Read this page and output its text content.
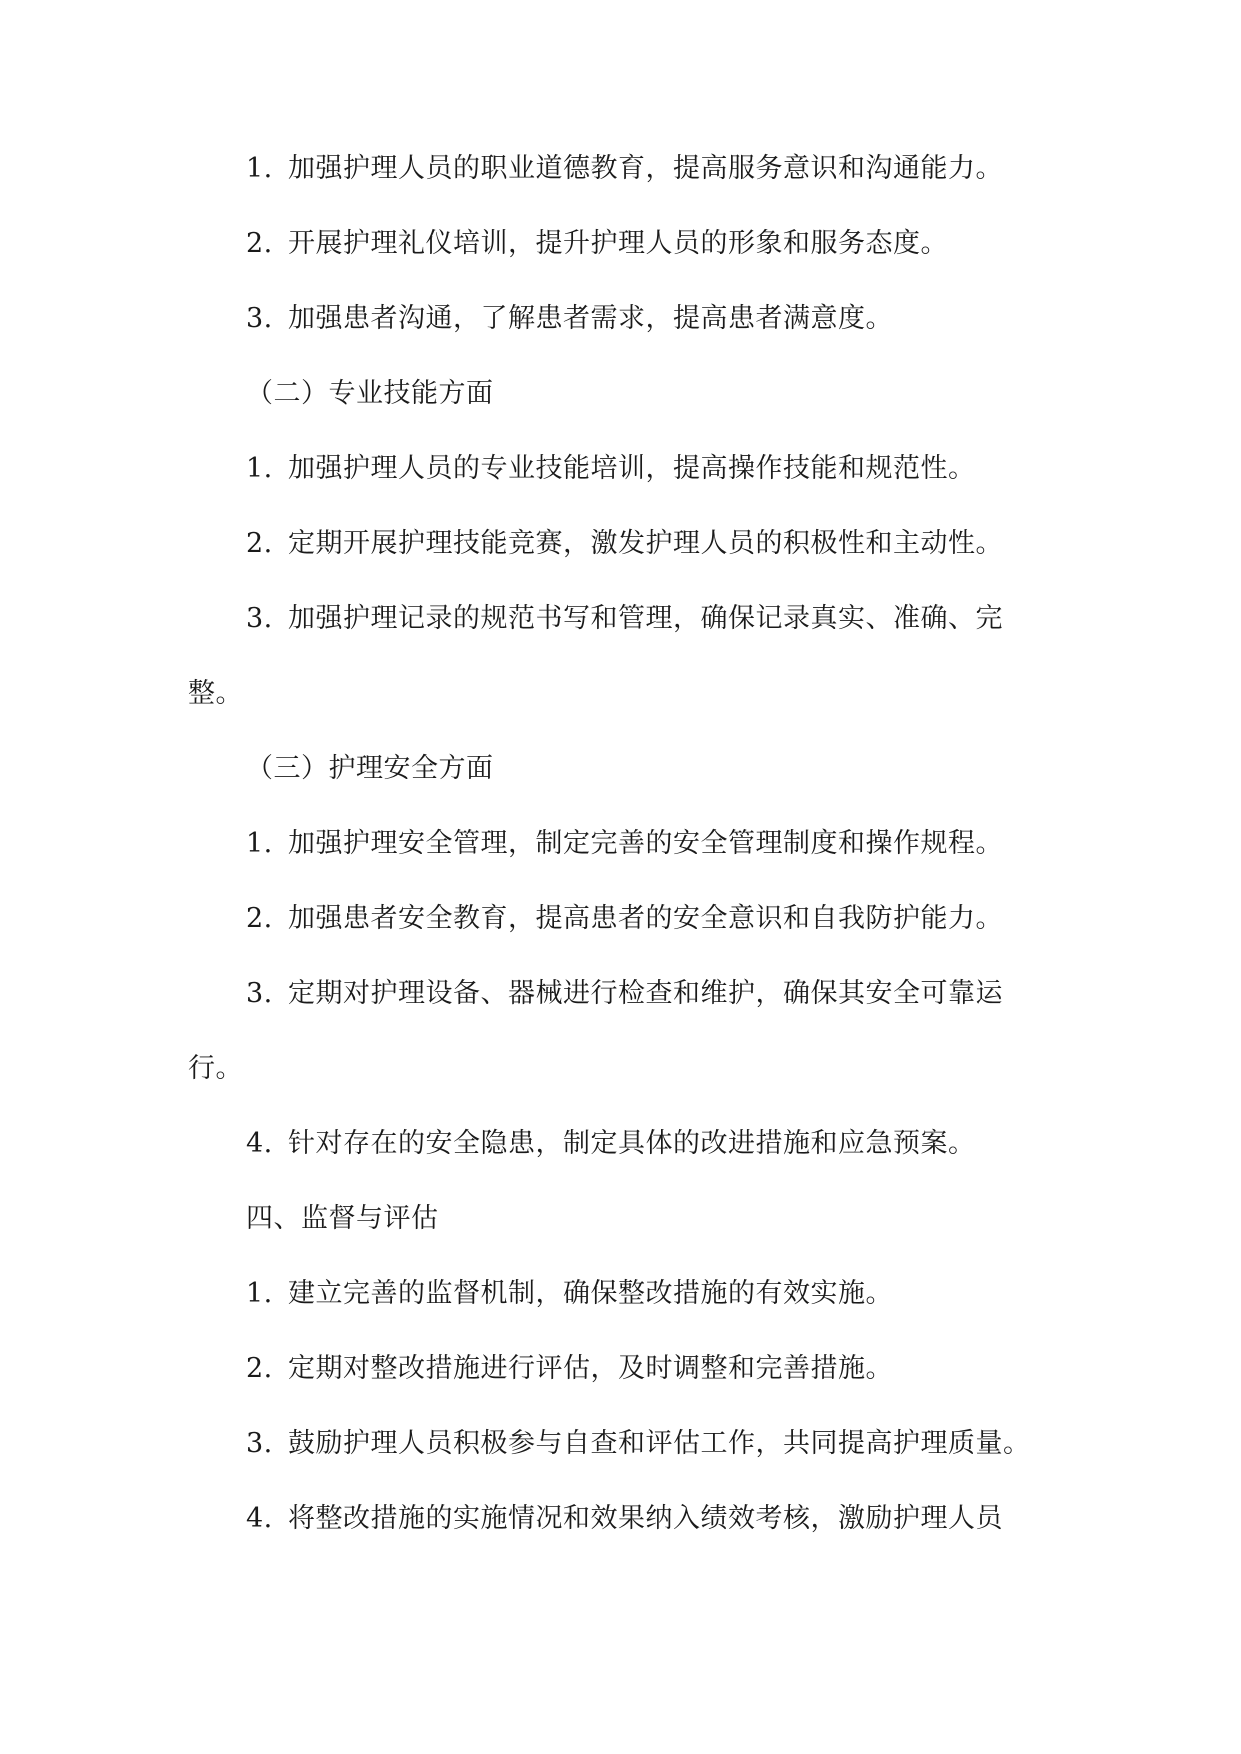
1. 加强护理人员的职业道德教育，提高服务意识和沟通能力。
2. 开展护理礼仪培训，提升护理人员的形象和服务态度。
3. 加强患者沟通，了解患者需求，提高患者满意度。
（二）专业技能方面
1. 加强护理人员的专业技能培训，提高操作技能和规范性。
2. 定期开展护理技能竞赛，激发护理人员的积极性和主动性。
3. 加强护理记录的规范书写和管理，确保记录真实、准确、完
整。
（三）护理安全方面
1. 加强护理安全管理，制定完善的安全管理制度和操作规程。
2. 加强患者安全教育，提高患者的安全意识和自我防护能力。
3. 定期对护理设备、器械进行检查和维护，确保其安全可靠运
行。
4. 针对存在的安全隐患，制定具体的改进措施和应急预案。
四、监督与评估
1. 建立完善的监督机制，确保整改措施的有效实施。
2. 定期对整改措施进行评估，及时调整和完善措施。
3. 鼓励护理人员积极参与自查和评估工作，共同提高护理质量。
4. 将整改措施的实施情况和效果纳入绩效考核，激励护理人员
